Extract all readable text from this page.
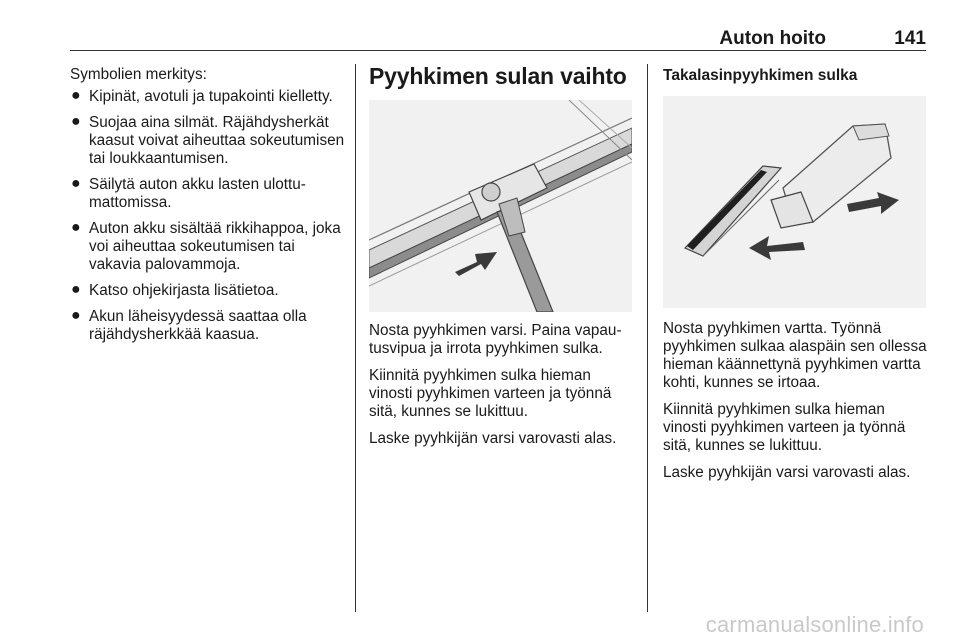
Auton hoito	141
Symbolien merkitys:
● Kipinät, avotuli ja tupakointi kielletty.
● Suojaa aina silmät. Räjähdysherkät kaasut voivat aiheuttaa sokeutumisen tai loukkaantumisen.
● Säilytä auton akku lasten ulottumattomissa.
● Auton akku sisältää rikkihappoa, joka voi aiheuttaa sokeutumisen tai vakavia palovammoja.
● Katso ohjekirjasta lisätietoa.
● Akun läheisyydessä saattaa olla räjähdysherkkää kaasua.
Pyyhkimen sulan vaihto

Nosta pyyhkimen varsi. Paina vapautusvipua ja irrota pyyhkimen sulka.

Kiinnitä pyyhkimen sulka hieman vinosti pyyhkimen varteen ja työnnä sitä, kunnes se lukittuu.

Laske pyyhkijän varsi varovasti alas.

Takalasinpyyhkimen sulka

Nosta pyyhkimen vartta. Työnnä pyyhkimen sulkaa alaspäin sen ollessa hieman käännettynä pyyhkimen vartta kohti, kunnes se irtoaa.

Kiinnitä pyyhkimen sulka hieman vinosti pyyhkimen varteen ja työnnä sitä, kunnes se lukittuu.

Laske pyyhkijän varsi varovasti alas.

carmanualsonline.info
